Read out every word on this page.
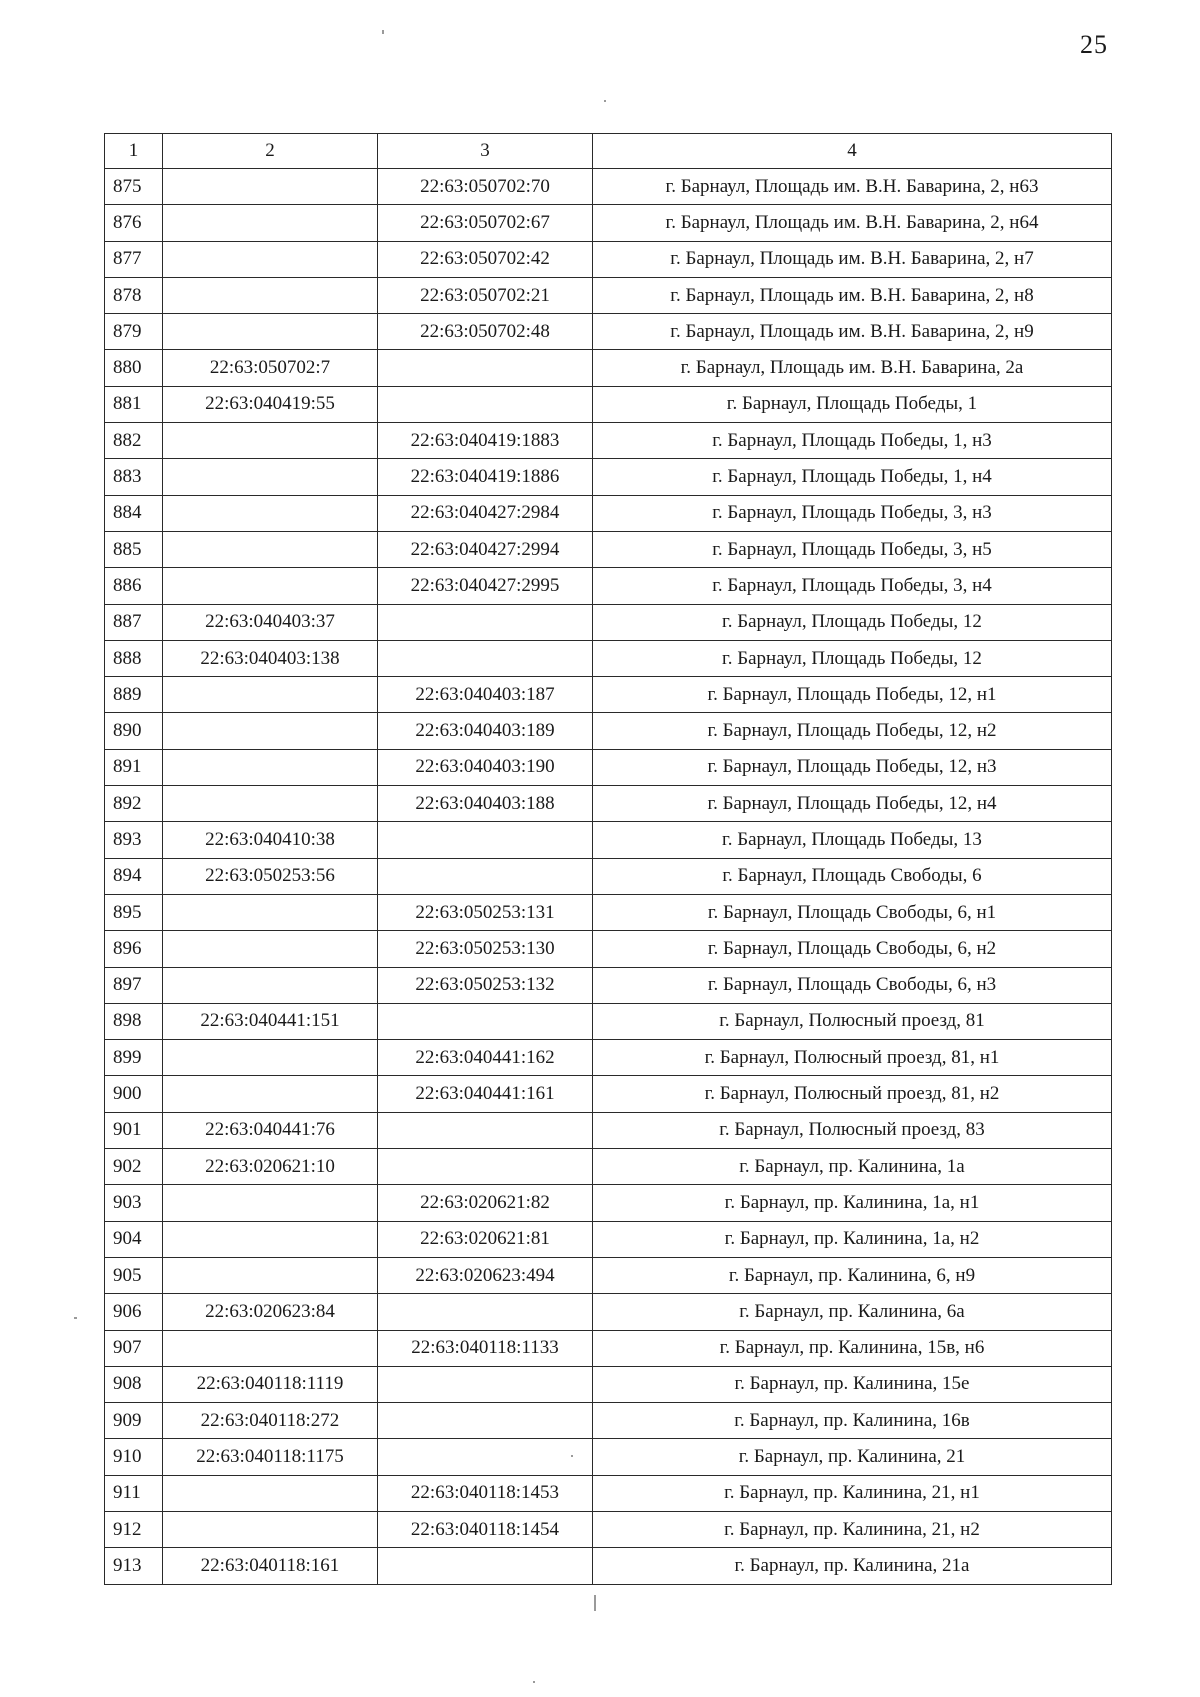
25
1	2	3	4
875		22:63:050702:70	г. Барнаул, Площадь им. В.Н. Баварина, 2, н63
876		22:63:050702:67	г. Барнаул, Площадь им. В.Н. Баварина, 2, н64
877		22:63:050702:42	г. Барнаул, Площадь им. В.Н. Баварина, 2, н7
878		22:63:050702:21	г. Барнаул, Площадь им. В.Н. Баварина, 2, н8
879		22:63:050702:48	г. Барнаул, Площадь им. В.Н. Баварина, 2, н9
880	22:63:050702:7		г. Барнаул, Площадь им. В.Н. Баварина, 2а
881	22:63:040419:55		г. Барнаул, Площадь Победы, 1
882		22:63:040419:1883	г. Барнаул, Площадь Победы, 1, н3
883		22:63:040419:1886	г. Барнаул, Площадь Победы, 1, н4
884		22:63:040427:2984	г. Барнаул, Площадь Победы, 3, н3
885		22:63:040427:2994	г. Барнаул, Площадь Победы, 3, н5
886		22:63:040427:2995	г. Барнаул, Площадь Победы, 3, н4
887	22:63:040403:37		г. Барнаул, Площадь Победы, 12
888	22:63:040403:138		г. Барнаул, Площадь Победы, 12
889		22:63:040403:187	г. Барнаул, Площадь Победы, 12, н1
890		22:63:040403:189	г. Барнаул, Площадь Победы, 12, н2
891		22:63:040403:190	г. Барнаул, Площадь Победы, 12, н3
892		22:63:040403:188	г. Барнаул, Площадь Победы, 12, н4
893	22:63:040410:38		г. Барнаул, Площадь Победы, 13
894	22:63:050253:56		г. Барнаул, Площадь Свободы, 6
895		22:63:050253:131	г. Барнаул, Площадь Свободы, 6, н1
896		22:63:050253:130	г. Барнаул, Площадь Свободы, 6, н2
897		22:63:050253:132	г. Барнаул, Площадь Свободы, 6, н3
898	22:63:040441:151		г. Барнаул, Полюсный проезд, 81
899		22:63:040441:162	г. Барнаул, Полюсный проезд, 81, н1
900		22:63:040441:161	г. Барнаул, Полюсный проезд, 81, н2
901	22:63:040441:76		г. Барнаул, Полюсный проезд, 83
902	22:63:020621:10		г. Барнаул, пр. Калинина, 1а
903		22:63:020621:82	г. Барнаул, пр. Калинина, 1а, н1
904		22:63:020621:81	г. Барнаул, пр. Калинина, 1а, н2
905		22:63:020623:494	г. Барнаул, пр. Калинина, 6, н9
906	22:63:020623:84		г. Барнаул, пр. Калинина, 6а
907		22:63:040118:1133	г. Барнаул, пр. Калинина, 15в, н6
908	22:63:040118:1119		г. Барнаул, пр. Калинина, 15е
909	22:63:040118:272		г. Барнаул, пр. Калинина, 16в
910	22:63:040118:1175		г. Барнаул, пр. Калинина, 21
911		22:63:040118:1453	г. Барнаул, пр. Калинина, 21, н1
912		22:63:040118:1454	г. Барнаул, пр. Калинина, 21, н2
913	22:63:040118:161		г. Барнаул, пр. Калинина, 21а
